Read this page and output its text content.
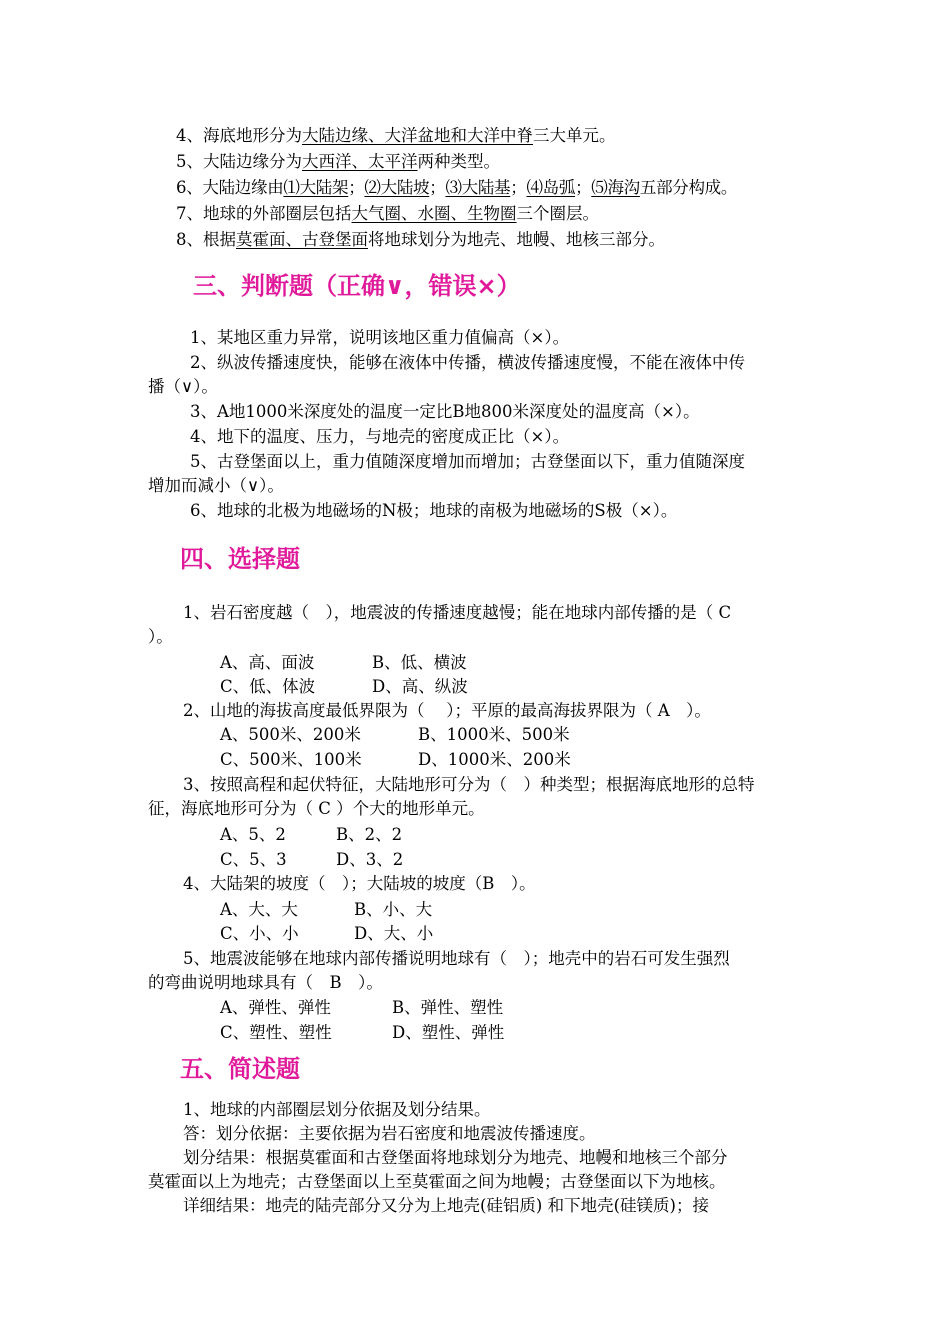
4、海底地形分为大陆边缘、大洋盆地和大洋中脊三大单元。
5、大陆边缘分为大西洋、太平洋两种类型。
6、大陆边缘由⑴大陆架；⑵大陆坡；⑶大陆基；⑷岛弧；⑸海沟五部分构成。
7、地球的外部圈层包括大气圈、水圈、生物圈三个圈层。
8、根据莫霍面、古登堡面将地球划分为地壳、地幔、地核三部分。
三、判断题（正确∨，错误×）
1、某地区重力异常，说明该地区重力值偏高（×）。
2、纵波传播速度快，能够在液体中传播，横波传播速度慢，不能在液体中传
播（∨）。
3、A地1000米深度处的温度一定比B地800米深度处的温度高（×）。
4、地下的温度、压力，与地壳的密度成正比（×）。
5、古登堡面以上，重力值随深度增加而增加；古登堡面以下，重力值随深度
增加而减小（∨）。
6、地球的北极为地磁场的N极；地球的南极为地磁场的S极（×）。
四、选择题
1、岩石密度越（　），地震波的传播速度越慢；能在地球内部传播的是（ C
）。
A、高、面波	B、低、横波
C、低、体波	D、高、纵波
2、山地的海拔高度最低界限为（　 ）；平原的最高海拔界限为（ A　）。
A、500米、200米	B、1000米、500米
C、500米、100米	D、1000米、200米
3、按照高程和起伏特征，大陆地形可分为（　）种类型；根据海底地形的总特
征，海底地形可分为（ C ）个大的地形单元。
A、5、2	B、2、2
C、5、3	D、3、2
4、大陆架的坡度（　）；大陆坡的坡度（B　）。
A、大、大	B、小、大
C、小、小	D、大、小
5、地震波能够在地球内部传播说明地球有（　）；地壳中的岩石可发生强烈
的弯曲说明地球具有（　B　）。
A、弹性、弹性	B、弹性、塑性
C、塑性、塑性	D、塑性、弹性
五、简述题
1、地球的内部圈层划分依据及划分结果。
答：划分依据：主要依据为岩石密度和地震波传播速度。
划分结果：根据莫霍面和古登堡面将地球划分为地壳、地幔和地核三个部分
莫霍面以上为地壳；古登堡面以上至莫霍面之间为地幔；古登堡面以下为地核。
详细结果：地壳的陆壳部分又分为上地壳(硅铝质) 和下地壳(硅镁质)；接
